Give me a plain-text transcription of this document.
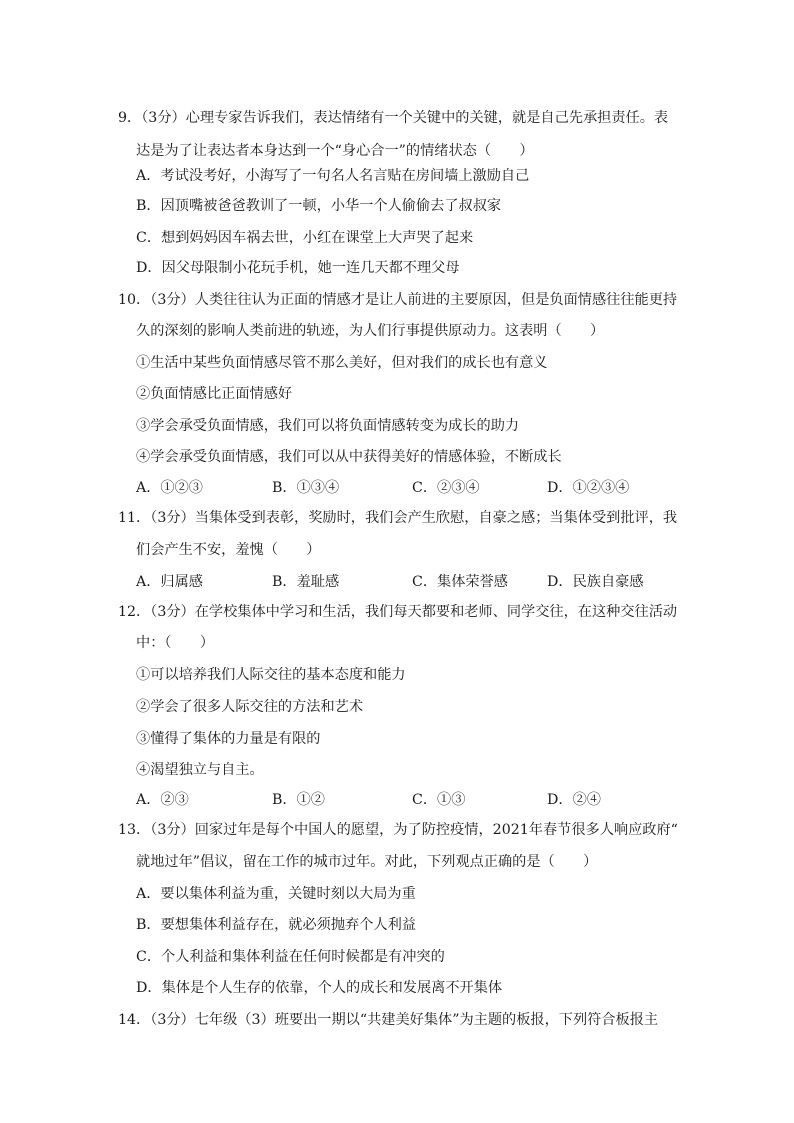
9．（3分）心理专家告诉我们，表达情绪有一个关键中的关键，就是自己先承担责任。表
达是为了让表达者本身达到一个“身心合一”的情绪状态（　　）
A．考试没考好，小海写了一句名人名言贴在房间墙上激励自己
B．因顶嘴被爸爸教训了一顿，小华一个人偷偷去了叔叔家
C．想到妈妈因车祸去世，小红在课堂上大声哭了起来
D．因父母限制小花玩手机，她一连几天都不理父母
10．（3分）人类往往认为正面的情感才是让人前进的主要原因，但是负面情感往往能更持
久的深刻的影响人类前进的轨迹，为人们行事提供原动力。这表明（　　）
①生活中某些负面情感尽管不那么美好，但对我们的成长也有意义
②负面情感比正面情感好
③学会承受负面情感，我们可以将负面情感转变为成长的助力
④学会承受负面情感，我们可以从中获得美好的情感体验，不断成长
A．①②③	B．①③④	C．②③④	D．①②③④
11．（3分）当集体受到表彰，奖励时，我们会产生欣慰，自豪之感；当集体受到批评，我
们会产生不安，羞愧（　　）
A．归属感	B．羞耻感	C．集体荣誉感	D．民族自豪感
12．（3分）在学校集体中学习和生活，我们每天都要和老师、同学交往，在这种交往活动
中：（　　）
①可以培养我们人际交往的基本态度和能力
②学会了很多人际交往的方法和艺术
③懂得了集体的力量是有限的
④渴望独立与自主。
A．②③	B．①②	C．①③	D．②④
13．（3分）回家过年是每个中国人的愿望，为了防控疫情，2021年春节很多人响应政府“
就地过年”倡议，留在工作的城市过年。对此，下列观点正确的是（　　）
A．要以集体利益为重，关键时刻以大局为重
B．要想集体利益存在，就必须抛弃个人利益
C．个人利益和集体利益在任何时候都是有冲突的
D．集体是个人生存的依靠，个人的成长和发展离不开集体
14．（3分）七年级（3）班要出一期以“共建美好集体”为主题的板报，下列符合板报主
